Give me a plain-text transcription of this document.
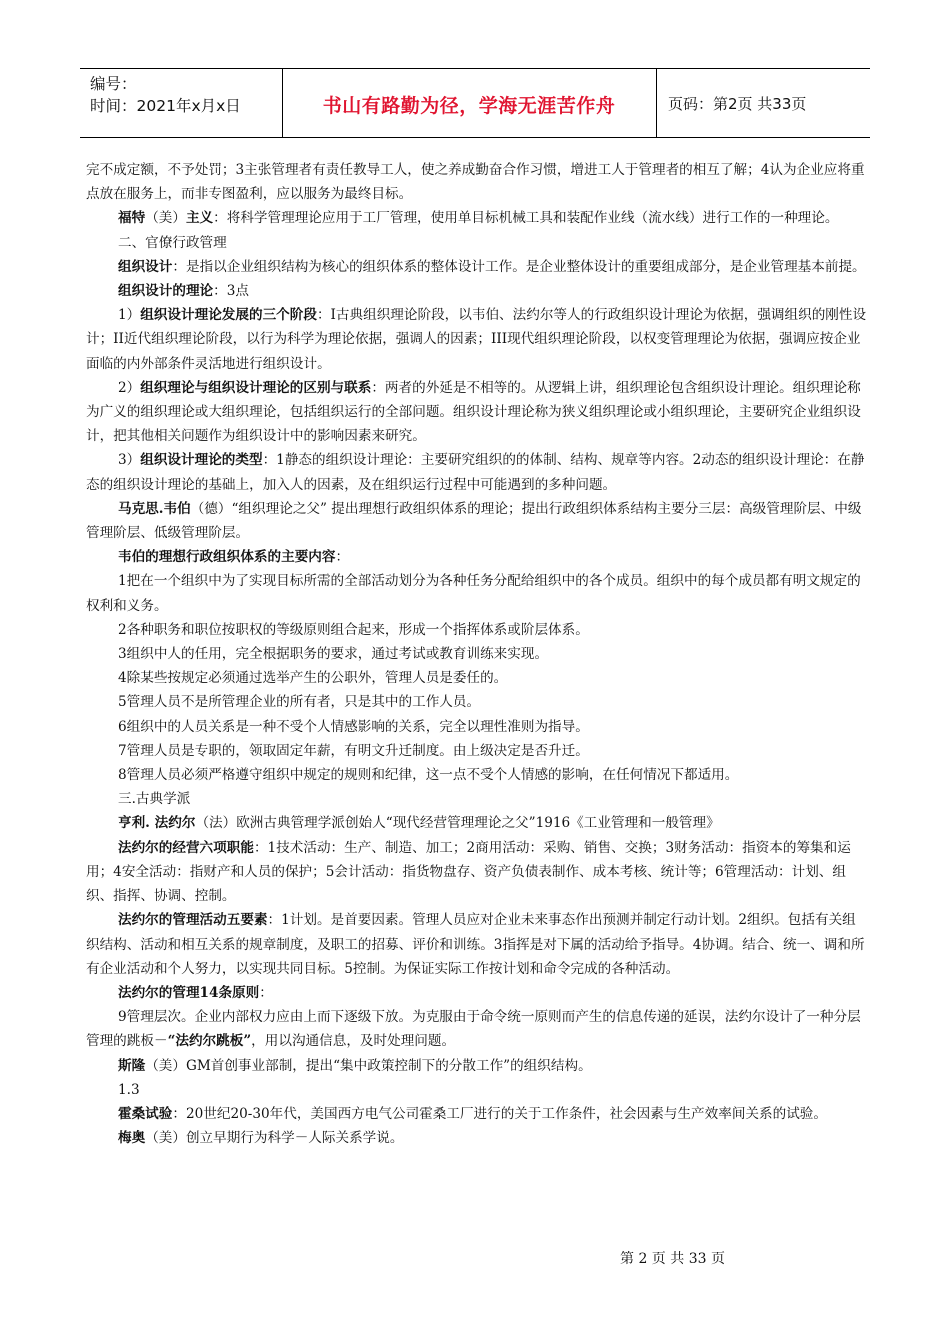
编号：
时间：2021年x月x日	书山有路勤为径，学海无涯苦作舟	页码：第2页 共33页

完不成定额，不予处罚；3主张管理者有责任教导工人，使之养成勤奋合作习惯，增进工人于管理者的相互了解；4认为企业应将重点放在服务上，而非专图盈利，应以服务为最终目标。

福特（美）主义：将科学管理理论应用于工厂管理，使用单目标机械工具和装配作业线（流水线）进行工作的一种理论。

二、官僚行政管理

组织设计：是指以企业组织结构为核心的组织体系的整体设计工作。是企业整体设计的重要组成部分，是企业管理基本前提。

组织设计的理论：3点

1）组织设计理论发展的三个阶段：I古典组织理论阶段，以韦伯、法约尔等人的行政组织设计理论为依据，强调组织的刚性设计；II近代组织理论阶段，以行为科学为理论依据，强调人的因素；III现代组织理论阶段，以权变管理理论为依据，强调应按企业面临的内外部条件灵活地进行组织设计。

2）组织理论与组织设计理论的区别与联系：两者的外延是不相等的。从逻辑上讲，组织理论包含组织设计理论。组织理论称为广义的组织理论或大组织理论，包括组织运行的全部问题。组织设计理论称为狭义组织理论或小组织理论，主要研究企业组织设计，把其他相关问题作为组织设计中的影响因素来研究。

3）组织设计理论的类型：1静态的组织设计理论：主要研究组织的的体制、结构、规章等内容。2动态的组织设计理论：在静态的组织设计理论的基础上，加入人的因素，及在组织运行过程中可能遇到的多种问题。

马克思.韦伯（德）“组织理论之父” 提出理想行政组织体系的理论；提出行政组织体系结构主要分三层：高级管理阶层、中级管理阶层、低级管理阶层。

韦伯的理想行政组织体系的主要内容：

1把在一个组织中为了实现目标所需的全部活动划分为各种任务分配给组织中的各个成员。组织中的每个成员都有明文规定的权利和义务。

2各种职务和职位按职权的等级原则组合起来，形成一个指挥体系或阶层体系。

3组织中人的任用，完全根据职务的要求，通过考试或教育训练来实现。

4除某些按规定必须通过选举产生的公职外，管理人员是委任的。

5管理人员不是所管理企业的所有者，只是其中的工作人员。

6组织中的人员关系是一种不受个人情感影响的关系，完全以理性准则为指导。

7管理人员是专职的，领取固定年薪，有明文升迁制度。由上级决定是否升迁。

8管理人员必须严格遵守组织中规定的规则和纪律，这一点不受个人情感的影响，在任何情况下都适用。

三.古典学派

亨利. 法约尔（法）欧洲古典管理学派创始人“现代经营管理理论之父”1916《工业管理和一般管理》

法约尔的经营六项职能：1技术活动：生产、制造、加工；2商用活动：采购、销售、交换；3财务活动：指资本的筹集和运用；4安全活动：指财产和人员的保护；5会计活动：指货物盘存、资产负债表制作、成本考核、统计等；6管理活动：计划、组织、指挥、协调、控制。

法约尔的管理活动五要素：1计划。是首要因素。管理人员应对企业未来事态作出预测并制定行动计划。2组织。包括有关组织结构、活动和相互关系的规章制度，及职工的招募、评价和训练。3指挥是对下属的活动给予指导。4协调。结合、统一、调和所有企业活动和个人努力，以实现共同目标。5控制。为保证实际工作按计划和命令完成的各种活动。

法约尔的管理14条原则：

9管理层次。企业内部权力应由上而下逐级下放。为克服由于命令统一原则而产生的信息传递的延误，法约尔设计了一种分层管理的跳板－“法约尔跳板”，用以沟通信息，及时处理问题。

斯隆（美）GM首创事业部制，提出“集中政策控制下的分散工作”的组织结构。

1.3

霍桑试验：20世纪20-30年代，美国西方电气公司霍桑工厂进行的关于工作条件，社会因素与生产效率间关系的试验。

梅奥（美）创立早期行为科学－人际关系学说。

第 2 页 共 33 页
